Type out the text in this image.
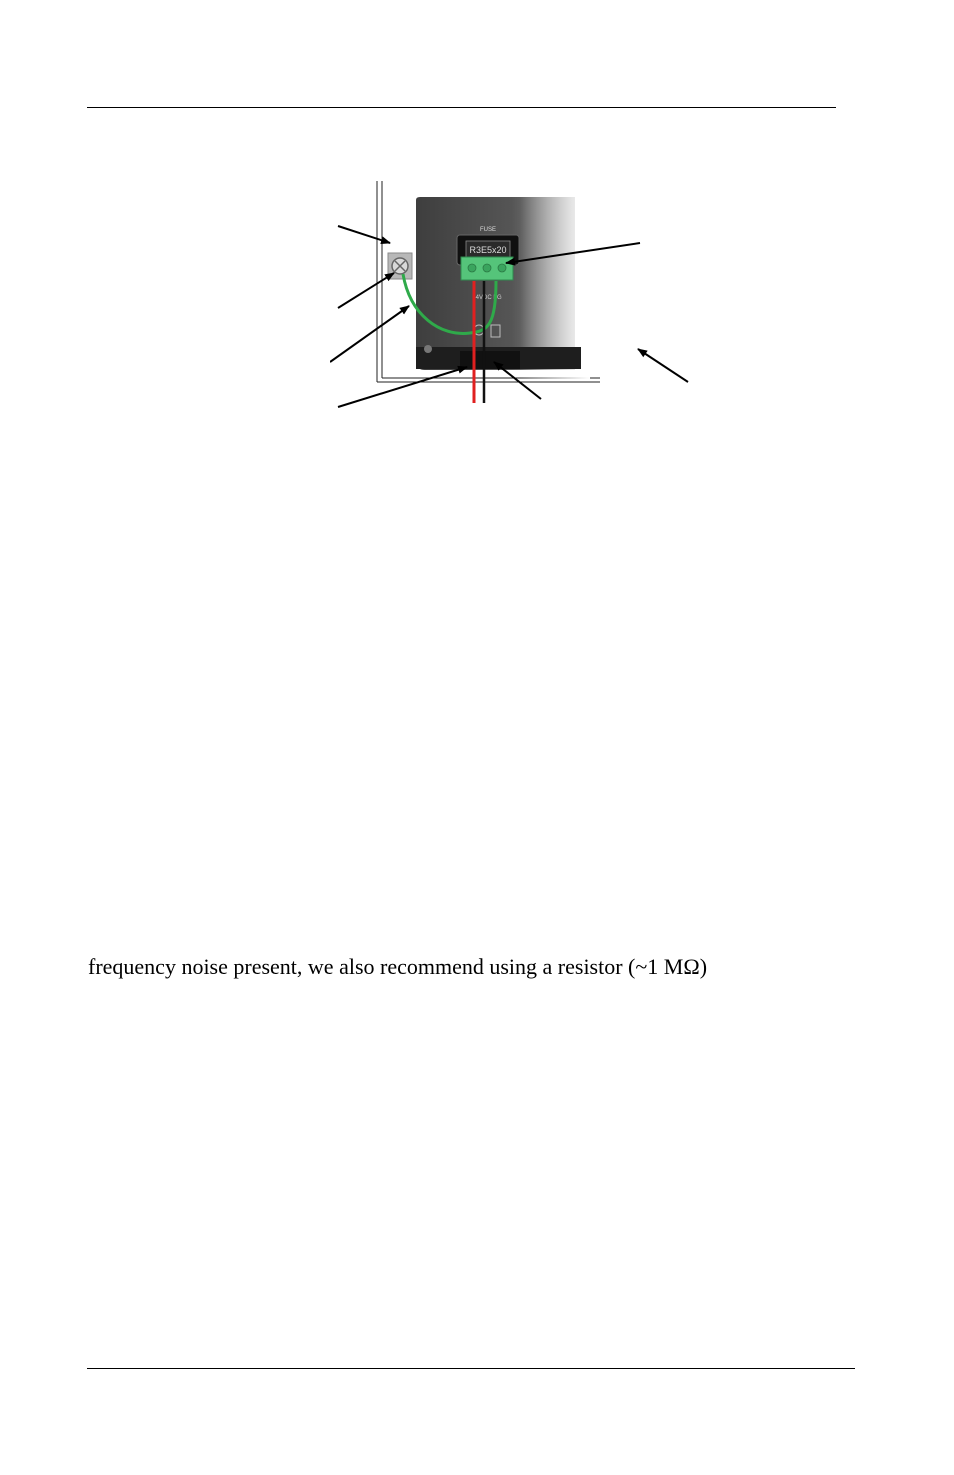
FUSE
R3E5x20
24VDC FG
frequency noise present, we also recommend using a resistor (~1 MΩ)
